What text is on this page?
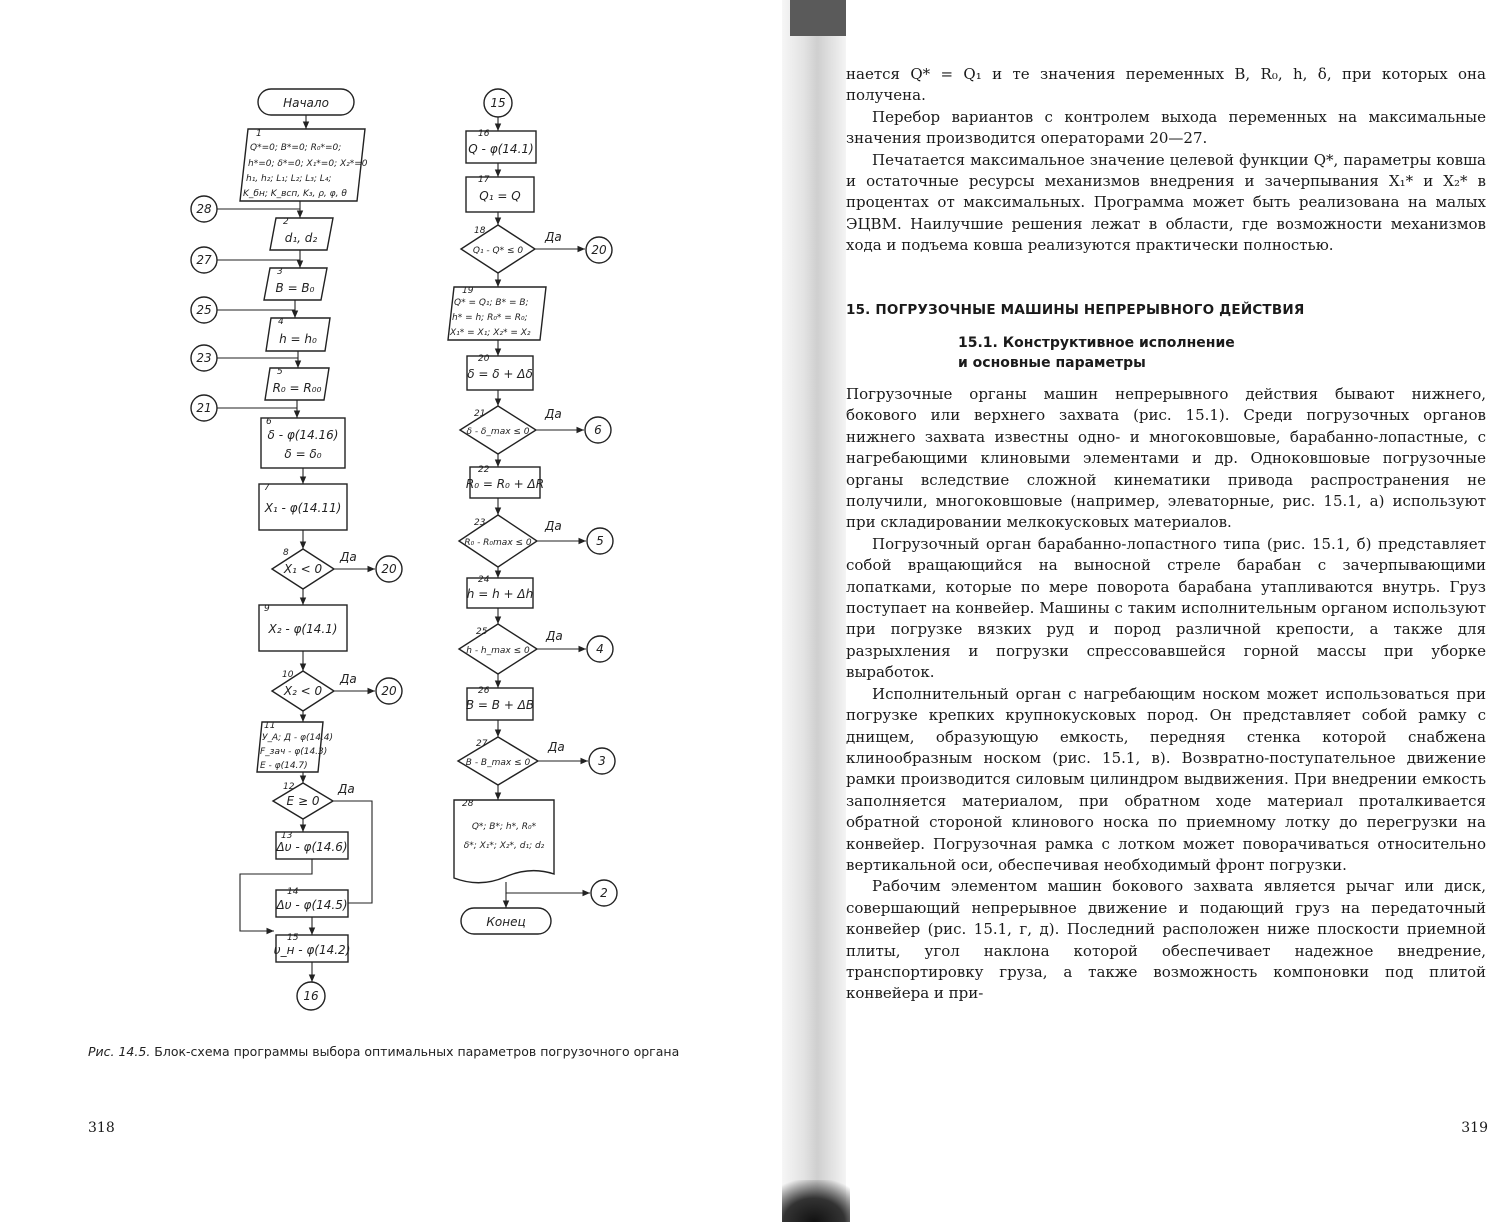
Начало
1
Q*=0; B*=0; R₀*=0;
h*=0; δ*=0; X₁*=0; X₂*=0
h₁, h₂; L₁; L₂; L₃; L₄;
K_бн; K_всп, K₃, ρ, φ, θ
28
2
d₁, d₂
27
3
B = B₀
25
4
h = h₀
23
5
R₀ = R₀₀
21
6
δ - φ(14.16)
δ = δ₀
7
X₁ - φ(14.11)
8
X₁ < 0
Да
20
9
X₂ - φ(14.1)
10
X₂ < 0
Да
20
11
У_А; Д - φ(14.4)
F_зач - φ(14.3)
E - φ(14.7)
12
E ≥ 0
Да
13
Δυ - φ(14.6)
14
Δυ - φ(14.5)
15
υ_н - φ(14.2)
16
15
16
Q - φ(14.1)
17
Q₁ = Q
18
Q₁ - Q* ≤ 0
Да
20
19
Q* = Q₁; B* = B;
h* = h; R₀* = R₀;
X₁* = X₁; X₂* = X₂
20
δ = δ + Δδ
21
δ - δ_max ≤ 0
Да
6
22
R₀ = R₀ + ΔR
23
R₀ - R₀max ≤ 0
Да
5
24
h = h + Δh
25
h - h_max ≤ 0
Да
4
26
B = B + ΔB
27
B - B_max ≤ 0
Да
3
28
Q*; B*; h*, R₀*
δ*; X₁*; X₂*, d₁; d₂
2
Конец
Рис. 14.5. Блок-схема программы выбора оптимальных параметров погрузочного органа
318

нается Q* = Q₁ и те значения переменных B, R₀, h, δ, при которых она получена.

Перебор вариантов с контролем выхода переменных на максимальные значения производится операторами 20—27.

Печатается максимальное значение целевой функции Q*, параметры ковша и остаточные ресурсы механизмов внедрения и зачерпывания X₁* и X₂* в процентах от максимальных. Программа может быть реализована на малых ЭЦВМ. Наилучшие решения лежат в области, где возможности механизмов хода и подъема ковша реализуются практически полностью.

15. ПОГРУЗОЧНЫЕ МАШИНЫ НЕПРЕРЫВНОГО ДЕЙСТВИЯ
15.1. Конструктивное исполнение
и основные параметры

Погрузочные органы машин непрерывного действия бывают нижнего, бокового или верхнего захвата (рис. 15.1). Среди погрузочных органов нижнего захвата известны одно- и многоковшовые, барабанно-лопастные, с нагребающими клиновыми элементами и др. Одноковшовые погрузочные органы вследствие сложной кинематики привода распространения не получили, многоковшовые (например, элеваторные, рис. 15.1, а) используют при складировании мелкокусковых материалов.

Погрузочный орган барабанно-лопастного типа (рис. 15.1, б) представляет собой вращающийся на выносной стреле барабан с зачерпывающими лопатками, которые по мере поворота барабана утапливаются внутрь. Груз поступает на конвейер. Машины с таким исполнительным органом используют при погрузке вязких руд и пород различной крепости, а также для разрыхления и погрузки спрессовавшейся горной массы при уборке выработок.

Исполнительный орган с нагребающим носком может использоваться при погрузке крепких крупнокусковых пород. Он представляет собой рамку с днищем, образующую емкость, передняя стенка которой снабжена клинообразным носком (рис. 15.1, в). Возвратно-поступательное движение рамки производится силовым цилиндром выдвижения. При внедрении емкость заполняется материалом, при обратном ходе материал проталкивается обратной стороной клинового носка по приемному лотку до перегрузки на конвейер. Погрузочная рамка с лотком может поворачиваться относительно вертикальной оси, обеспечивая необходимый фронт погрузки.

Рабочим элементом машин бокового захвата является рычаг или диск, совершающий непрерывное движение и подающий груз на передаточный конвейер (рис. 15.1, г, д). Последний расположен ниже плоскости приемной плиты, угол наклона которой обеспечивает надежное внедрение, транспортировку груза, а также возможность компоновки под плитой конвейера и при-

319
